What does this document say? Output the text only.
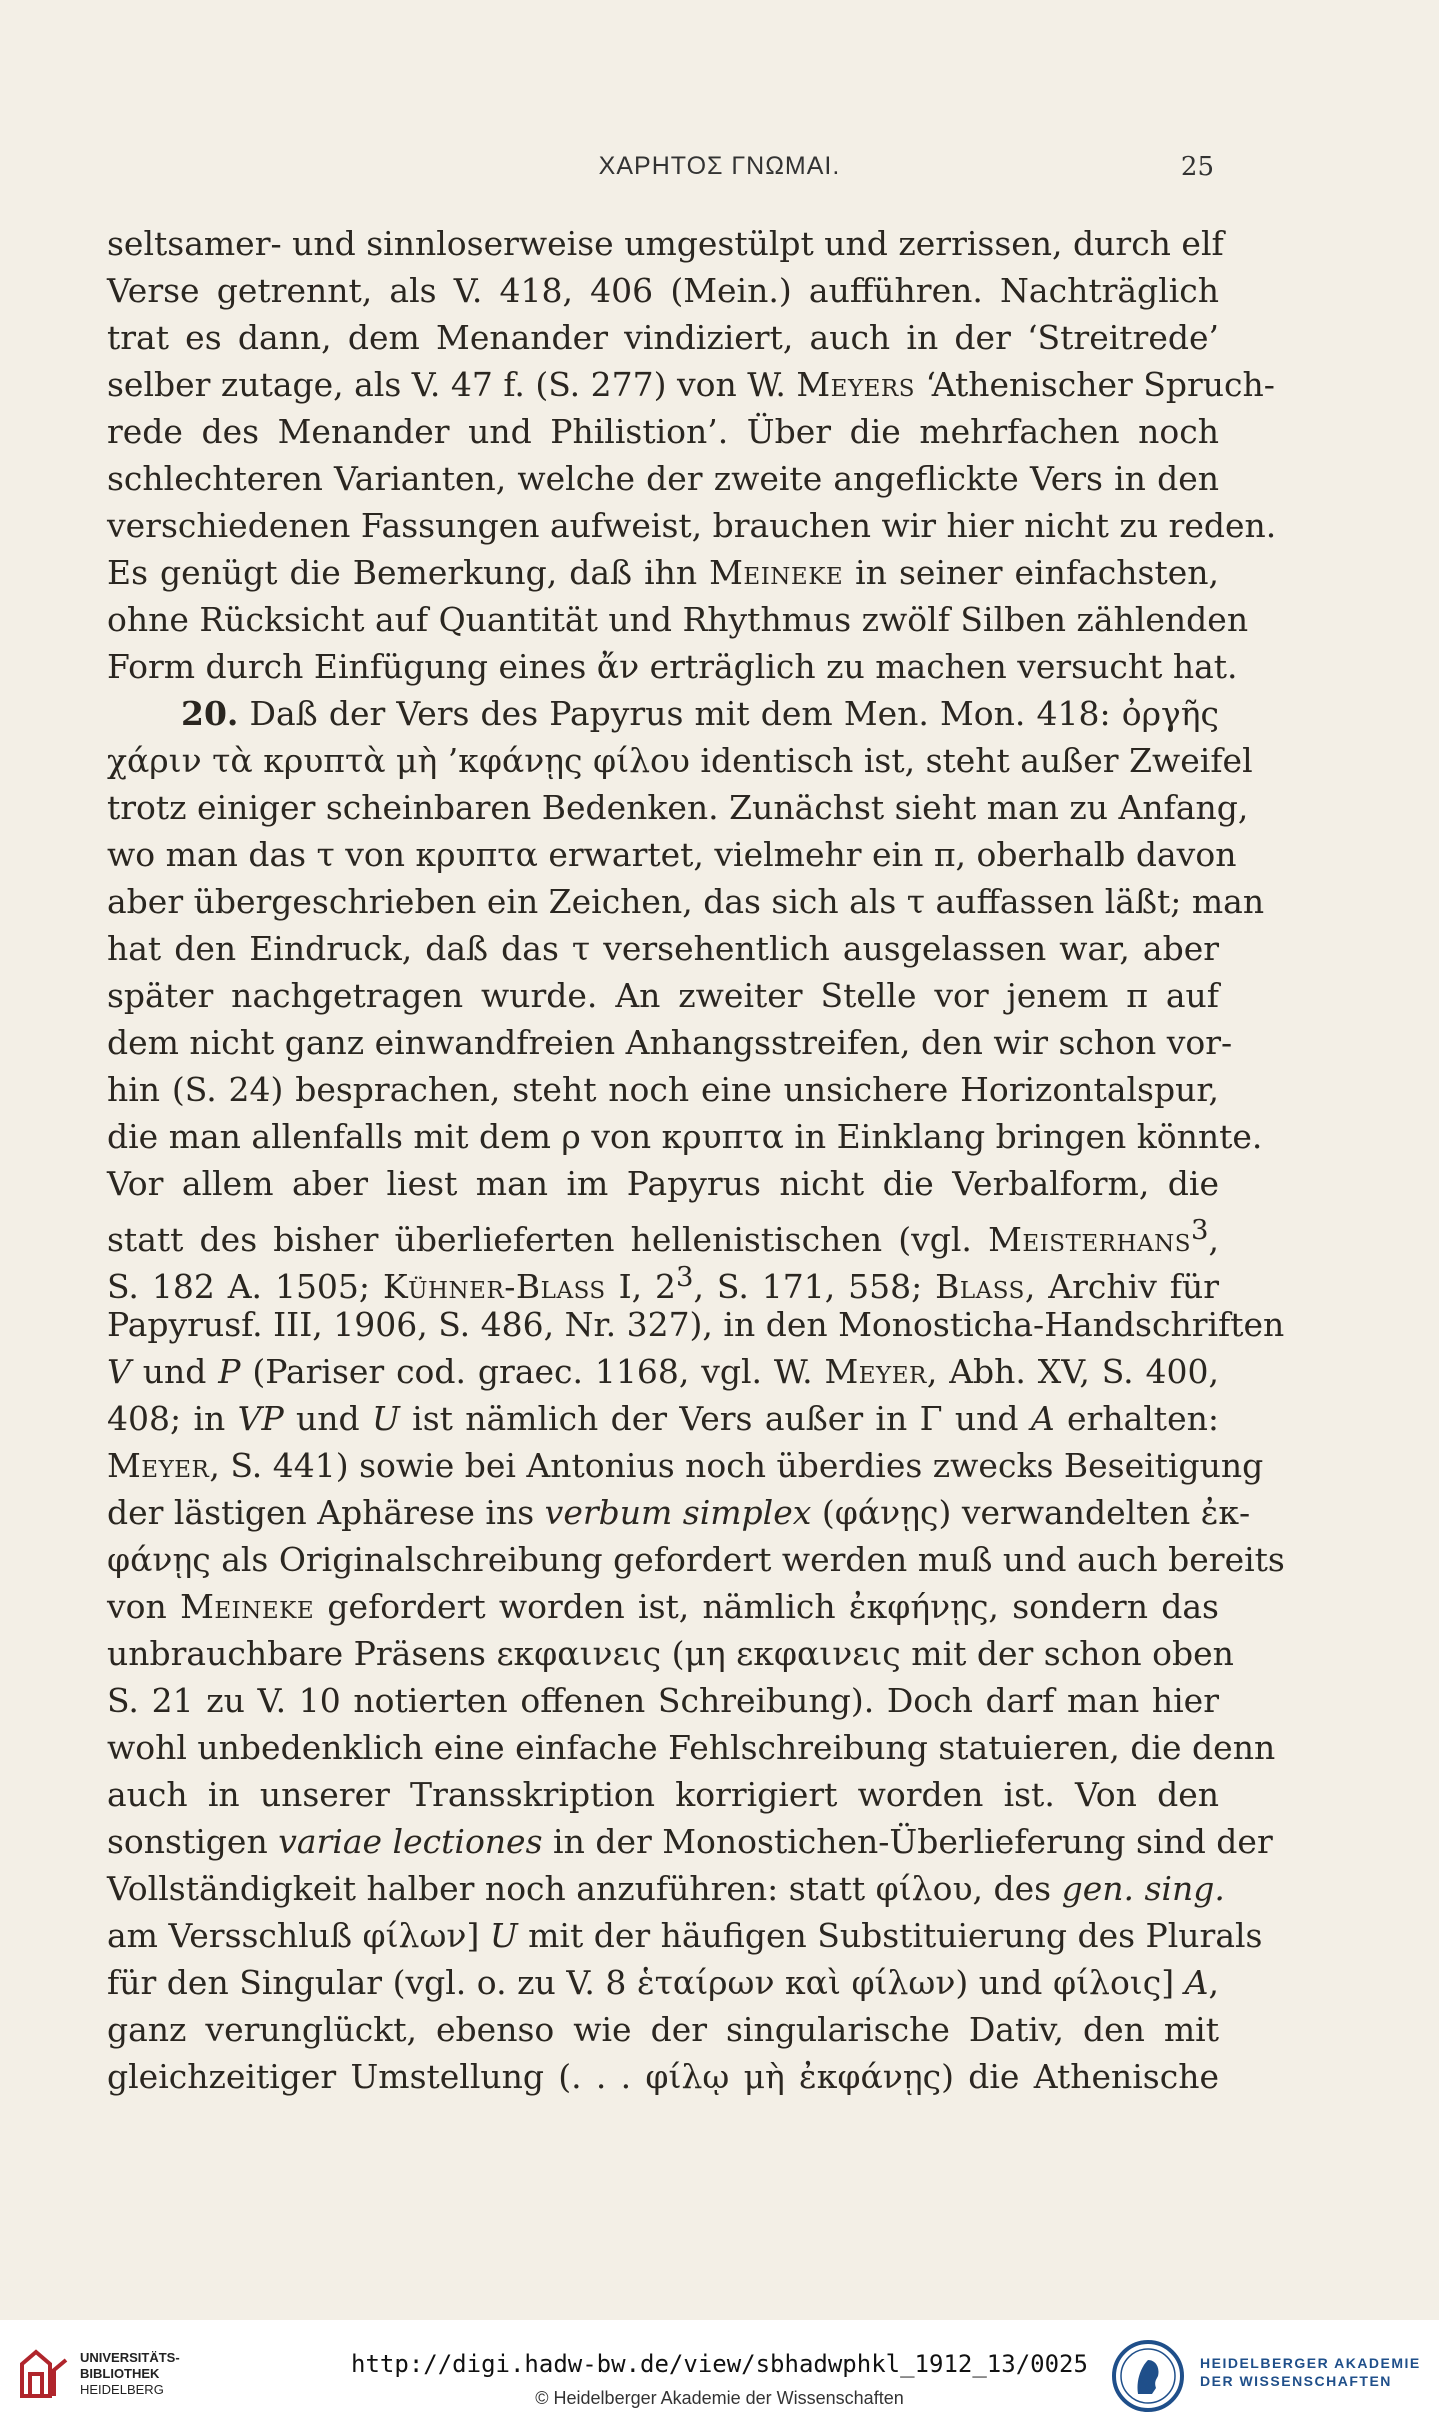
ΧΑΡΗΤΟΣ ΓΝΩΜΑΙ.	25
seltsamer- und sinnloserweise umgestülpt und zerrissen, durch elf
Verse getrennt, als V. 418, 406 (Mein.) aufführen. Nachträglich
trat es dann, dem Menander vindiziert, auch in der ‘Streitrede’
selber zutage, als V. 47 f. (S. 277) von W. Meyers ‘Athenischer Spruch-
rede des Menander und Philistion’. Über die mehrfachen noch
schlechteren Varianten, welche der zweite angeflickte Vers in den
verschiedenen Fassungen aufweist, brauchen wir hier nicht zu reden.
Es genügt die Bemerkung, daß ihn Meineke in seiner einfachsten,
ohne Rücksicht auf Quantität und Rhythmus zwölf Silben zählenden
Form durch Einfügung eines ἄν erträglich zu machen versucht hat.
20. Daß der Vers des Papyrus mit dem Men. Mon. 418: ὀργῆς
χάριν τὰ κρυπτὰ μὴ ’κφάνῃς φίλου identisch ist, steht außer Zweifel
trotz einiger scheinbaren Bedenken. Zunächst sieht man zu Anfang,
wo man das τ von κρυπτα erwartet, vielmehr ein π, oberhalb davon
aber übergeschrieben ein Zeichen, das sich als τ auffassen läßt; man
hat den Eindruck, daß das τ versehentlich ausgelassen war, aber
später nachgetragen wurde. An zweiter Stelle vor jenem π auf
dem nicht ganz einwandfreien Anhangsstreifen, den wir schon vor-
hin (S. 24) besprachen, steht noch eine unsichere Horizontalspur,
die man allenfalls mit dem ρ von κρυπτα in Einklang bringen könnte.
Vor allem aber liest man im Papyrus nicht die Verbalform, die
statt des bisher überlieferten hellenistischen (vgl. Meisterhans$^3$,
S. 182 A. 1505; Kühner-Blass I, $2^3$, S. 171, 558; Blass, Archiv für
Papyrusf. III, 1906, S. 486, Nr. 327), in den Monosticha-Handschriften
V und P (Pariser cod. graec. 1168, vgl. W. Meyer, Abh. XV, S. 400,
408; in VP und U ist nämlich der Vers außer in Γ und A erhalten:
Meyer, S. 441) sowie bei Antonius noch überdies zwecks Beseitigung
der lästigen Aphärese ins verbum simplex (φάνῃς) verwandelten ἐκ-
φάνῃς als Originalschreibung gefordert werden muß und auch bereits
von Meineke gefordert worden ist, nämlich ἐκφήνῃς, sondern das
unbrauchbare Präsens εκφαινεις (μη εκφαινεις mit der schon oben
S. 21 zu V. 10 notierten offenen Schreibung). Doch darf man hier
wohl unbedenklich eine einfache Fehlschreibung statuieren, die denn
auch in unserer Transskription korrigiert worden ist. Von den
sonstigen variae lectiones in der Monostichen-Überlieferung sind der
Vollständigkeit halber noch anzuführen: statt φίλου, des gen. sing.
am Versschluß φίλων] U mit der häufigen Substituierung des Plurals
für den Singular (vgl. o. zu V. 8 ἑταίρων καὶ φίλων) und φίλοις] A,
ganz verunglückt, ebenso wie der singularische Dativ, den mit
gleichzeitiger Umstellung (. . . φίλῳ μὴ ἐκφάνῃς) die Athenische
UNIVERSITÄTS-
BIBLIOTHEK
HEIDELBERG
http://digi.hadw-bw.de/view/sbhadwphkl_1912_13/0025
© Heidelberger Akademie der Wissenschaften
HEIDELBERGER AKADEMIE
DER WISSENSCHAFTEN
